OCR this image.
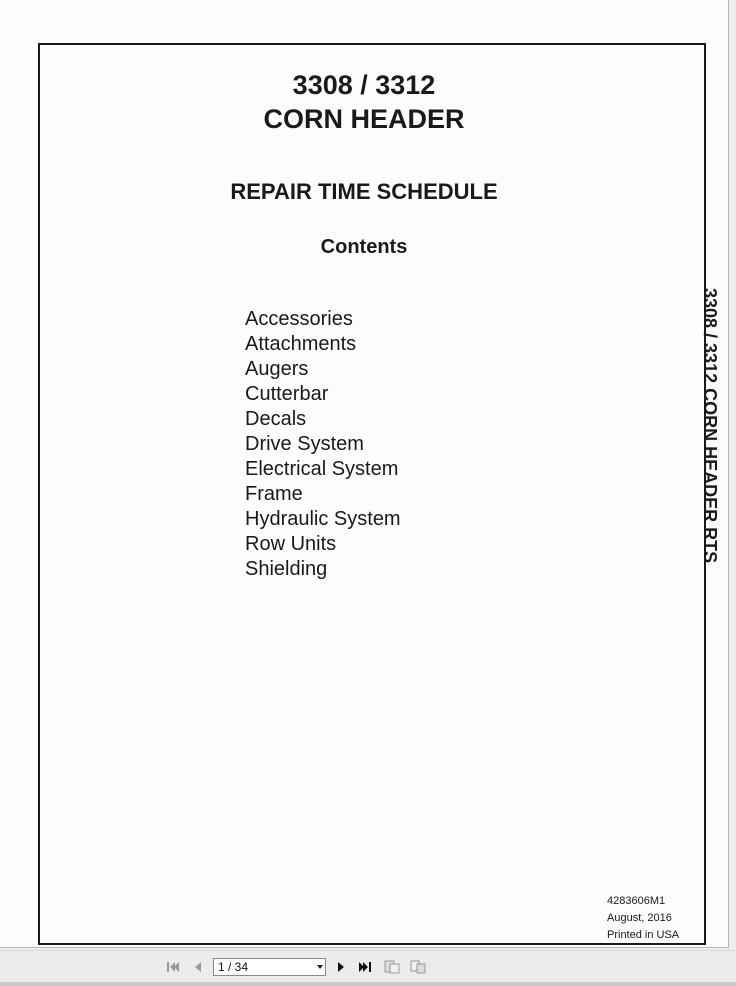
3308 / 3312
CORN HEADER
REPAIR TIME SCHEDULE
Contents
Accessories
Attachments
Augers
Cutterbar
Decals
Drive System
Electrical System
Frame
Hydraulic System
Row Units
Shielding
4283606M1
August, 2016
Printed in USA
3308 / 3312 CORN HEADER RTS
1 / 34
